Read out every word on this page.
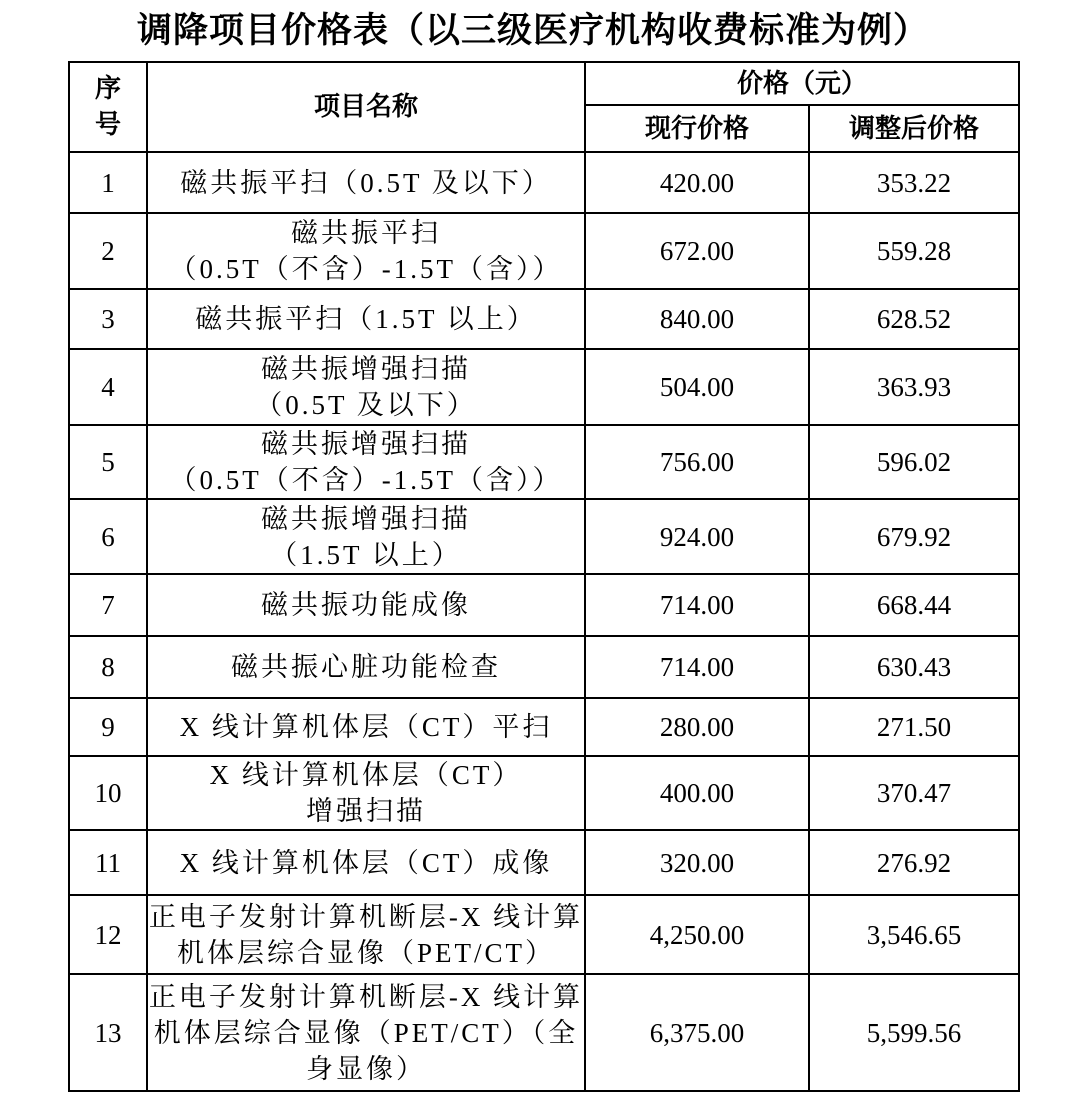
调降项目价格表（以三级医疗机构收费标准为例）
序
号	项目名称	价格（元）	
		现行价格	调整后价格
1	磁共振平扫（0.5T 及以下）	420.00	353.22
2	磁共振平扫
（0.5T（不含）-1.5T（含））	672.00	559.28
3	磁共振平扫（1.5T 以上）	840.00	628.52
4	磁共振增强扫描
（0.5T 及以下）	504.00	363.93
5	磁共振增强扫描
（0.5T（不含）-1.5T（含））	756.00	596.02
6	磁共振增强扫描
（1.5T 以上）	924.00	679.92
7	磁共振功能成像	714.00	668.44
8	磁共振心脏功能检查	714.00	630.43
9	X 线计算机体层（CT）平扫	280.00	271.50
10	X 线计算机体层（CT）
增强扫描	400.00	370.47
11	X 线计算机体层（CT）成像	320.00	276.92
12	正电子发射计算机断层-X 线计算
机体层综合显像（PET/CT）	4,250.00	3,546.65
13	正电子发射计算机断层-X 线计算
机体层综合显像（PET/CT）（全
身显像）	6,375.00	5,599.56
